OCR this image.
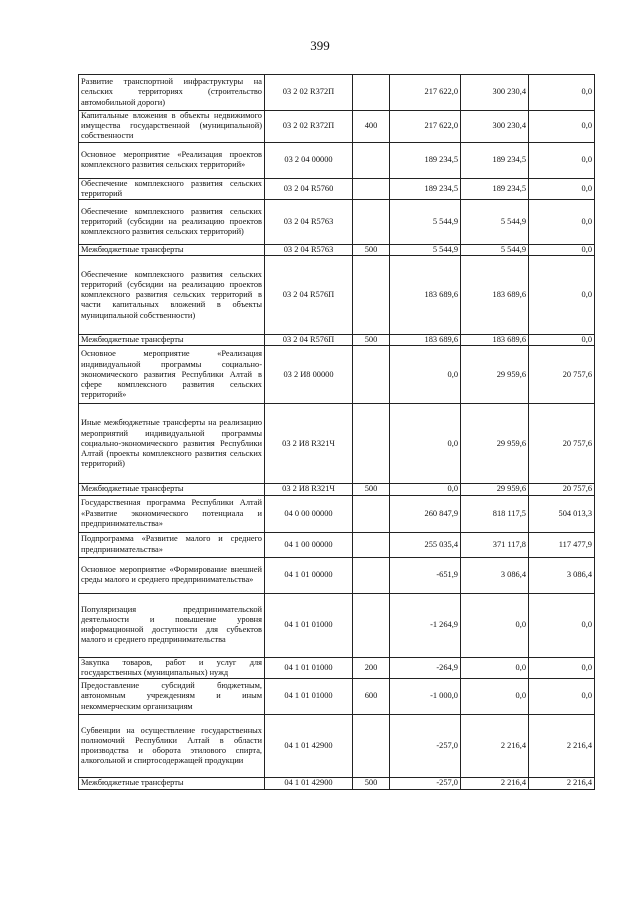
399
Развитие транспортной инфраструктуры на сельских территориях (строительство автомобильной дороги)	03 2 02 R372П		217 622,0	300 230,4	0,0
Капитальные вложения в объекты недвижимого имущества государственной (муниципальной) собственности	03 2 02 R372П	400	217 622,0	300 230,4	0,0
Основное мероприятие «Реализация проектов комплексного развития сельских территорий»	03 2 04 00000		189 234,5	189 234,5	0,0
Обеспечение комплексного развития сельских территорий	03 2 04 R5760		189 234,5	189 234,5	0,0
Обеспечение комплексного развития сельских территорий (субсидии на реализацию проектов комплексного развития сельских территорий)	03 2 04 R5763		5 544,9	5 544,9	0,0
Межбюджетные трансферты	03 2 04 R5763	500	5 544,9	5 544,9	0,0
Обеспечение комплексного развития сельских территорий (субсидии на реализацию проектов комплексного развития сельских территорий в части капитальных вложений в объекты муниципальной собственности)	03 2 04 R576П		183 689,6	183 689,6	0,0
Межбюджетные трансферты	03 2 04 R576П	500	183 689,6	183 689,6	0,0
Основное мероприятие «Реализация индивидуальной программы социально-экономического развития Республики Алтай в сфере комплексного развития сельских территорий»	03 2 И8 00000		0,0	29 959,6	20 757,6
Иные межбюджетные трансферты на реализацию мероприятий индивидуальной программы социально-экономического развития Республики Алтай (проекты комплексного развития сельских территорий)	03 2 И8 R321Ч		0,0	29 959,6	20 757,6
Межбюджетные трансферты	03 2 И8 R321Ч	500	0,0	29 959,6	20 757,6
Государственная программа Республики Алтай «Развитие экономического потенциала и предпринимательства»	04 0 00 00000		260 847,9	818 117,5	504 013,3
Подпрограмма «Развитие малого и среднего предпринимательства»	04 1 00 00000		255 035,4	371 117,8	117 477,9
Основное мероприятие «Формирование внешней среды малого и среднего предпринимательства»	04 1 01 00000		-651,9	3 086,4	3 086,4
Популяризация предпринимательской деятельности и повышение уровня информационной доступности для субъектов малого и среднего предпринимательства	04 1 01 01000		-1 264,9	0,0	0,0
Закупка товаров, работ и услуг для государственных (муниципальных) нужд	04 1 01 01000	200	-264,9	0,0	0,0
Предоставление субсидий бюджетным, автономным учреждениям и иным некоммерческим организациям	04 1 01 01000	600	-1 000,0	0,0	0,0
Субвенции на осуществление государственных полномочий Республики Алтай в области производства и оборота этилового спирта, алкогольной и спиртосодержащей продукции	04 1 01 42900		-257,0	2 216,4	2 216,4
Межбюджетные трансферты	04 1 01 42900	500	-257,0	2 216,4	2 216,4
